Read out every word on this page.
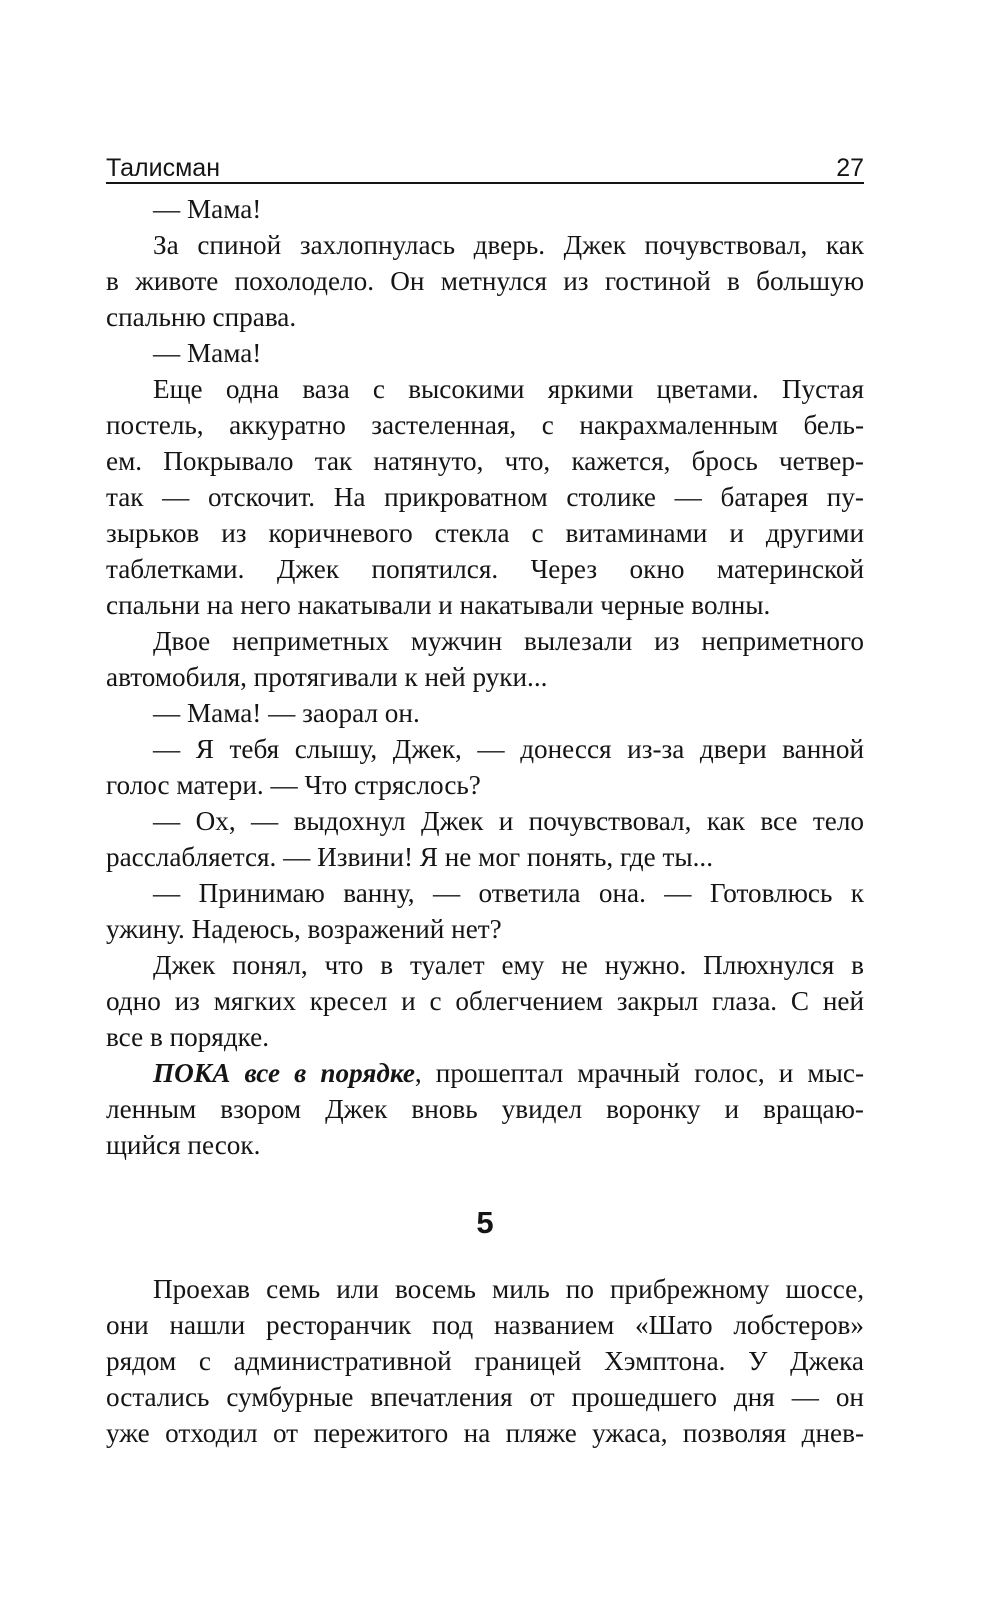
Талисман	27
— Мама!
За спиной захлопнулась дверь. Джек почувствовал, как
в животе похолодело. Он метнулся из гостиной в большую
спальню справа.
— Мама!
Еще одна ваза с высокими яркими цветами. Пустая
постель, аккуратно застеленная, с накрахмаленным бель-
ем. Покрывало так натянуто, что, кажется, брось четвер-
так — отскочит. На прикроватном столике — батарея пу-
зырьков из коричневого стекла с витаминами и другими
таблетками. Джек попятился. Через окно материнской
спальни на него накатывали и накатывали черные волны.
Двое неприметных мужчин вылезали из неприметного
автомобиля, протягивали к ней руки...
— Мама! — заорал он.
— Я тебя слышу, Джек, — донесся из-за двери ванной
голос матери. — Что стряслось?
— Ох, — выдохнул Джек и почувствовал, как все тело
расслабляется. — Извини! Я не мог понять, где ты...
— Принимаю ванну, — ответила она. — Готовлюсь к
ужину. Надеюсь, возражений нет?
Джек понял, что в туалет ему не нужно. Плюхнулся в
одно из мягких кресел и с облегчением закрыл глаза. С ней
все в порядке.
ПОКА все в порядке, прошептал мрачный голос, и мыс-
ленным взором Джек вновь увидел воронку и вращаю-
щийся песок.
5
Проехав семь или восемь миль по прибрежному шоссе,
они нашли ресторанчик под названием «Шато лобстеров»
рядом с административной границей Хэмптона. У Джека
остались сумбурные впечатления от прошедшего дня — он
уже отходил от пережитого на пляже ужаса, позволяя днев-
